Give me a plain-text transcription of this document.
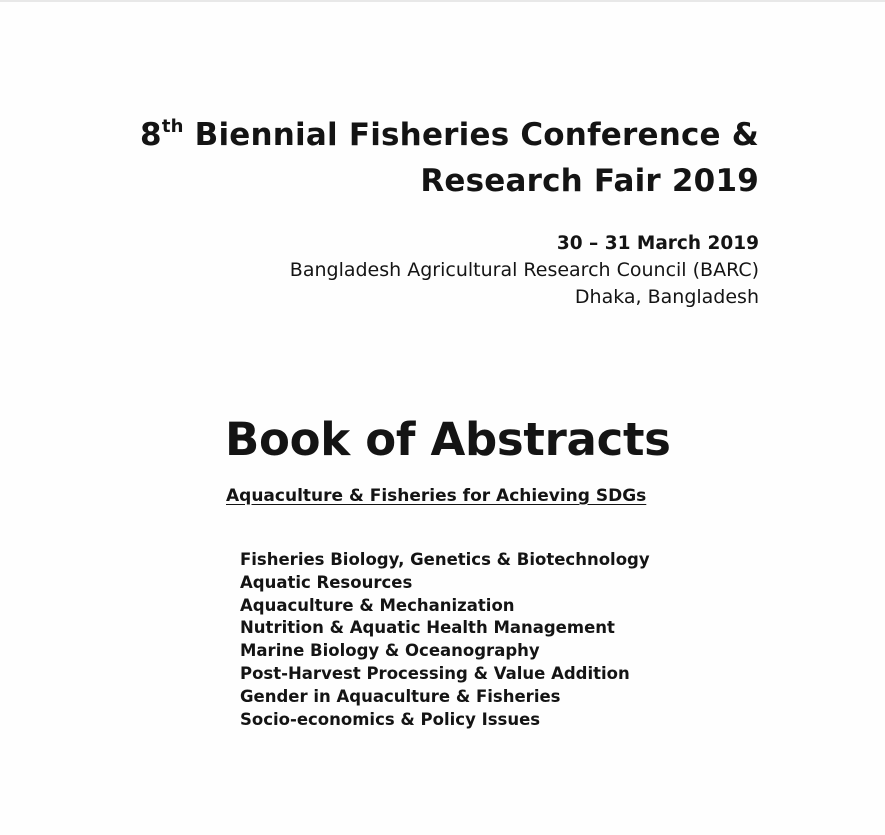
8th Biennial Fisheries Conference &
Research Fair 2019
30 – 31 March 2019
Bangladesh Agricultural Research Council (BARC)
Dhaka, Bangladesh
Book of Abstracts
Aquaculture & Fisheries for Achieving SDGs
Fisheries Biology, Genetics & Biotechnology
Aquatic Resources
Aquaculture & Mechanization
Nutrition & Aquatic Health Management
Marine Biology & Oceanography
Post-Harvest Processing & Value Addition
Gender in Aquaculture & Fisheries
Socio-economics & Policy Issues
